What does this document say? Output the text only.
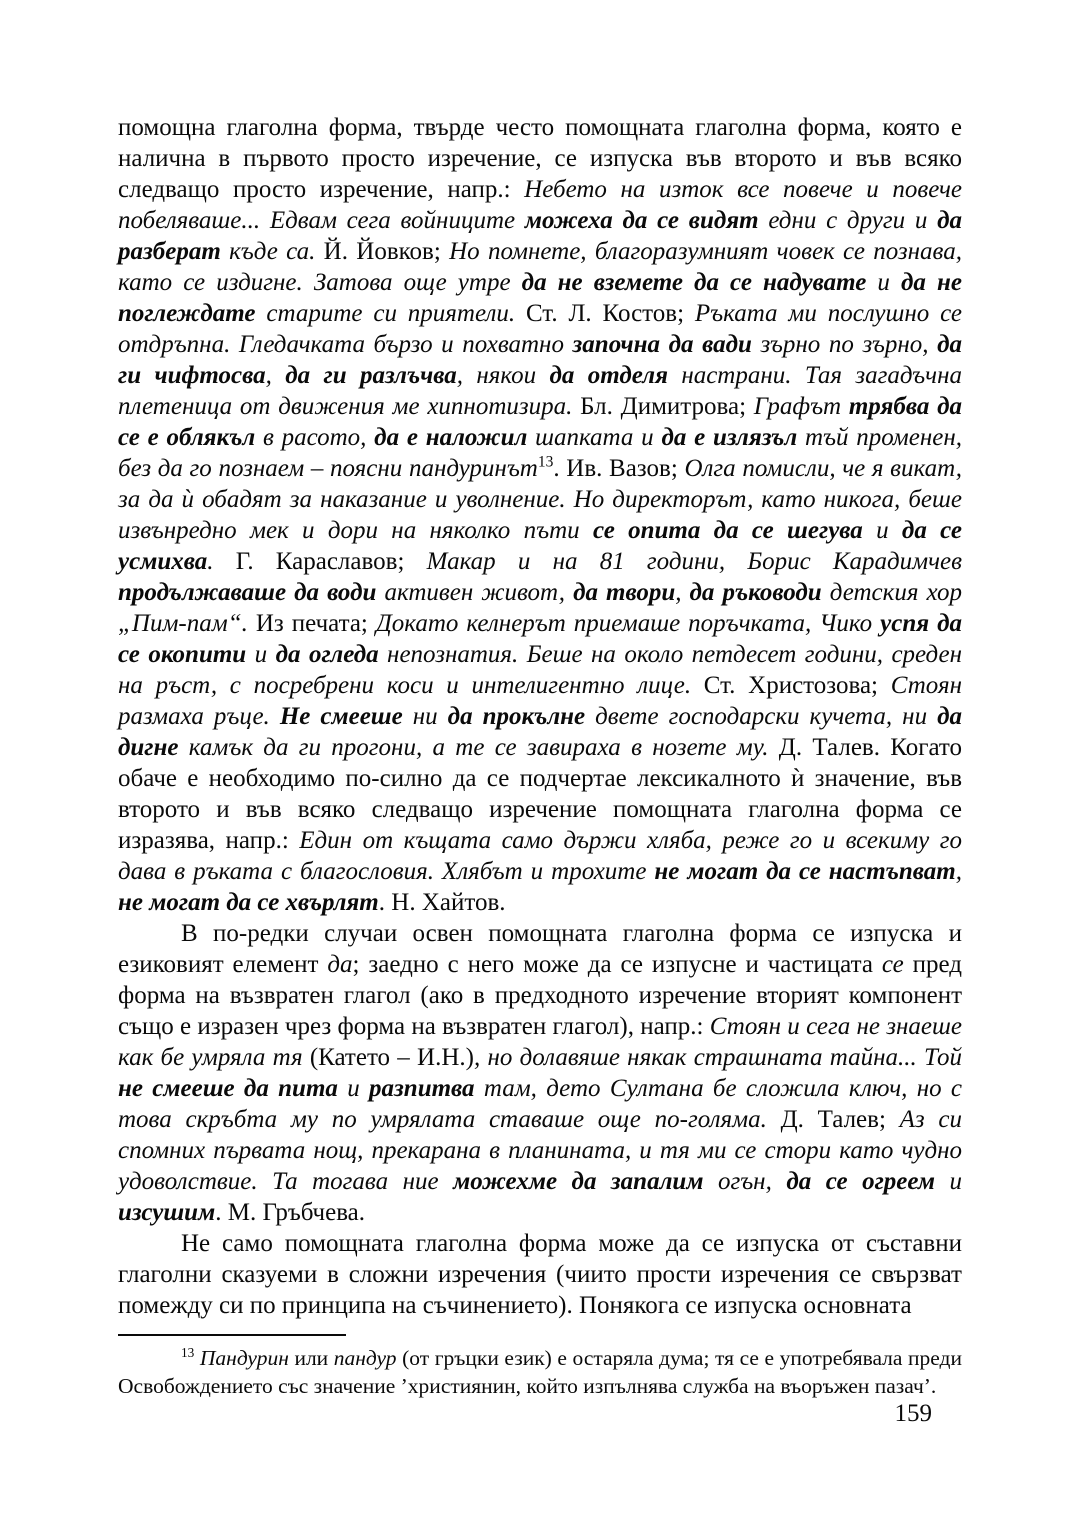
помощна глаголна форма, твърде често помощната глаголна форма, която е налична в първото просто изречение, се изпуска във второто и във всяко следващо просто изречение, напр.: Небето на изток все повече и повече побеляваше... Едвам сега войниците можеха да се видят едни с други и да разберат къде са. Й. Йовков; Но помнете, благоразумният човек се познава, като се издигне. Затова още утре да не вземете да се надувате и да не поглеждате старите си приятели. Ст. Л. Костов; Ръката ми послушно се отдръпна. Гледачката бързо и похватно започна да вади зърно по зърно, да ги чифтосва, да ги разлъчва, някои да отделя настрани. Тая загадъчна плетеница от движения ме хипнотизира. Бл. Димитрова; Графът трябва да се е облякъл в расото, да е наложил шапката и да е излязъл тъй променен, без да го познаем – поясни пандуринът$^{13}$. Ив. Вазов; Олга помисли, че я викат, за да ѝ обадят за наказание и уволнение. Но директорът, като никога, беше извънредно мек и дори на няколко пъти се опита да се шегува и да се усмихва. Г. Караславов; Макар и на 81 години, Борис Карадимчев продължаваше да води активен живот, да твори, да ръководи детския хор „Пим-пам“. Из печата; Докато келнерът приемаше поръчката, Чико успя да се окопити и да огледа непознатия. Беше на около петдесет години, среден на ръст, с посребрени коси и интелигентно лице. Ст. Христозова; Стоян размаха ръце. Не смееше ни да прокълне двете господарски кучета, ни да дигне камък да ги прогони, а те се завираха в нозете му. Д. Талев. Когато обаче е необходимо по-силно да се подчертае лексикалното ѝ значение, във второто и във всяко следващо изречение помощната глаголна форма се изразява, напр.: Един от къщата само държи хляба, реже го и всекиму го дава в ръката с благословия. Хлябът и трохите не могат да се настъпват, не могат да се хвърлят. Н. Хайтов.

В по-редки случаи освен помощната глаголна форма се изпуска и езиковият елемент да; заедно с него може да се изпусне и частицата се пред форма на възвратен глагол (ако в предходното изречение вторият компонент също е изразен чрез форма на възвратен глагол), напр.: Стоян и сега не знаеше как бе умряла тя (Катето – И.Н.), но долавяше някак страшната тайна... Той не смееше да пита и разпитва там, дето Султана бе сложила ключ, но с това скръбта му по умрялата ставаше още по-голяма. Д. Талев; Аз си спомних първата нощ, прекарана в планината, и тя ми се стори като чудно удоволствие. Та тогава ние можехме да запалим огън, да се огреем и изсушим. М. Гръбчева.

Не само помощната глаголна форма може да се изпуска от съставни глаголни сказуеми в сложни изречения (чиито прости изречения се свързват помежду си по принципа на съчинението). Понякога се изпуска основната

$^{13}$ Пандурин или пандур (от гръцки език) е остаряла дума; тя се е употребявала преди Освобождението със значение ’християнин, който изпълнява служба на въоръжен пазач’.

159
